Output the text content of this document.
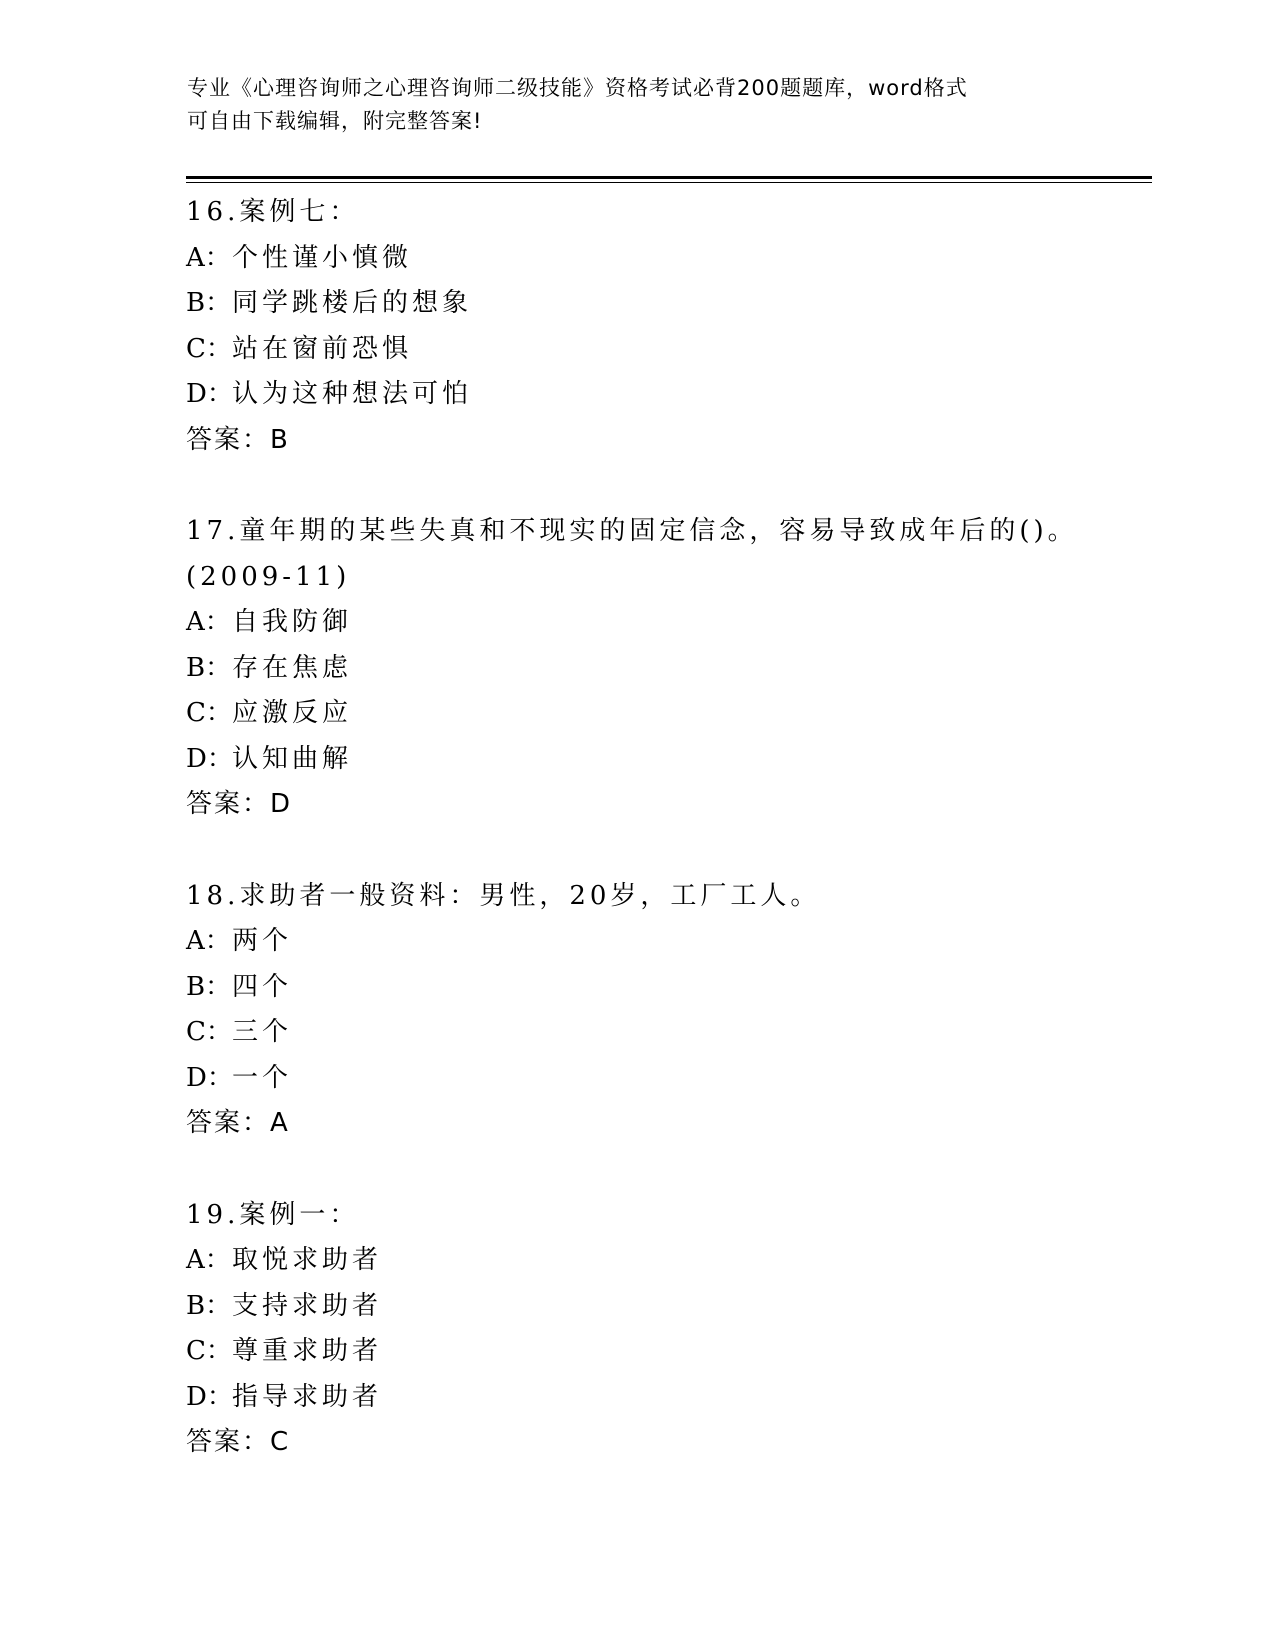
专业《心理咨询师之心理咨询师二级技能》资格考试必背200题题库，word格式
可自由下载编辑，附完整答案!
16.案例七：
A：个性谨小慎微
B：同学跳楼后的想象
C：站在窗前恐惧
D：认为这种想法可怕
答案：B
17.童年期的某些失真和不现实的固定信念，容易导致成年后的()。
(2009-11)
A：自我防御
B：存在焦虑
C：应激反应
D：认知曲解
答案：D
18.求助者一般资料：男性，20岁，工厂工人。
A：两个
B：四个
C：三个
D：一个
答案：A
19.案例一：
A：取悦求助者
B：支持求助者
C：尊重求助者
D：指导求助者
答案：C
